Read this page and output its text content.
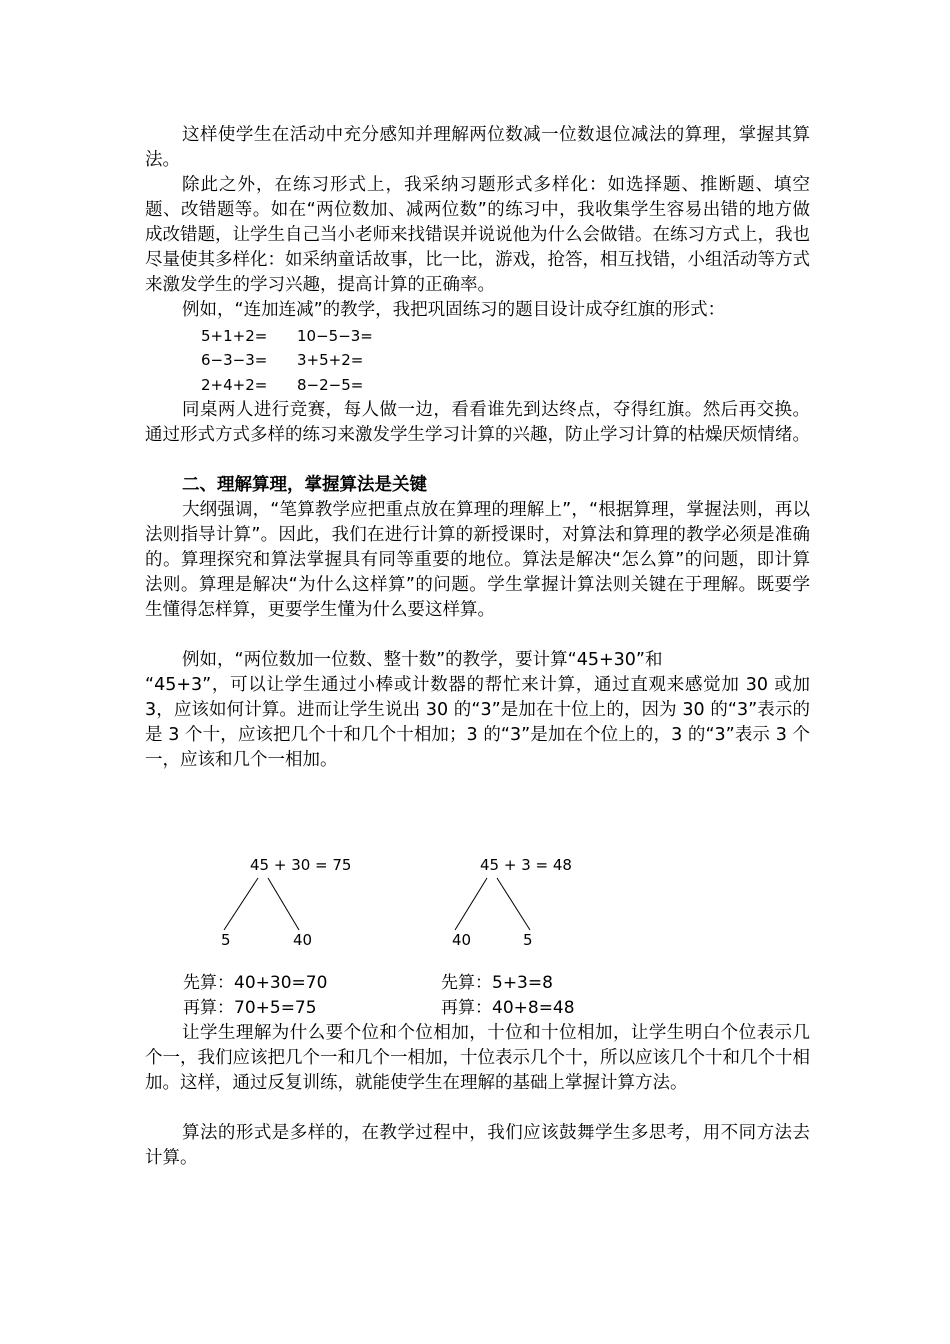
这样使学生在活动中充分感知并理解两位数减一位数退位减法的算理，掌握其算法。

除此之外，在练习形式上，我采纳习题形式多样化：如选择题、推断题、填空题、改错题等。如在“两位数加、减两位数”的练习中，我收集学生容易出错的地方做成改错题，让学生自己当小老师来找错误并说说他为什么会做错。在练习方式上，我也尽量使其多样化：如采纳童话故事，比一比，游戏，抢答，相互找错，小组活动等方式来激发学生的学习兴趣，提高计算的正确率。

例如，“连加连减”的教学，我把巩固练习的题目设计成夺红旗的形式：

5+1+2= 10−5−3=
6−3−3= 3+5+2=
2+4+2= 8−2−5=

同桌两人进行竞赛，每人做一边，看看谁先到达终点，夺得红旗。然后再交换。通过形式方式多样的练习来激发学生学习计算的兴趣，防止学习计算的枯燥厌烦情绪。

二、理解算理，掌握算法是关键

大纲强调，“笔算教学应把重点放在算理的理解上”，“根据算理，掌握法则，再以法则指导计算”。因此，我们在进行计算的新授课时，对算法和算理的教学必须是准确的。算理探究和算法掌握具有同等重要的地位。算法是解决“怎么算”的问题，即计算法则。算理是解决“为什么这样算”的问题。学生掌握计算法则关键在于理解。既要学生懂得怎样算，更要学生懂为什么要这样算。

例如，“两位数加一位数、整十数”的教学，要计算“45+30”和

“45+3”，可以让学生通过小棒或计数器的帮忙来计算，通过直观来感觉加 30 或加 3，应该如何计算。进而让学生说出 30 的“3”是加在十位上的，因为 30 的“3”表示的是 3 个十，应该把几个十和几个十相加；3 的“3”是加在个位上的，3 的“3”表示 3 个一，应该和几个一相加。

45 + 30 = 75
5	40
45 + 3 = 48
40	5
先算：40+30=70	先算：5+3=8
再算：70+5=75	再算：40+8=48

让学生理解为什么要个位和个位相加，十位和十位相加，让学生明白个位表示几个一，我们应该把几个一和几个一相加，十位表示几个十，所以应该几个十和几个十相加。这样，通过反复训练，就能使学生在理解的基础上掌握计算方法。

算法的形式是多样的，在教学过程中，我们应该鼓舞学生多思考，用不同方法去计算。
